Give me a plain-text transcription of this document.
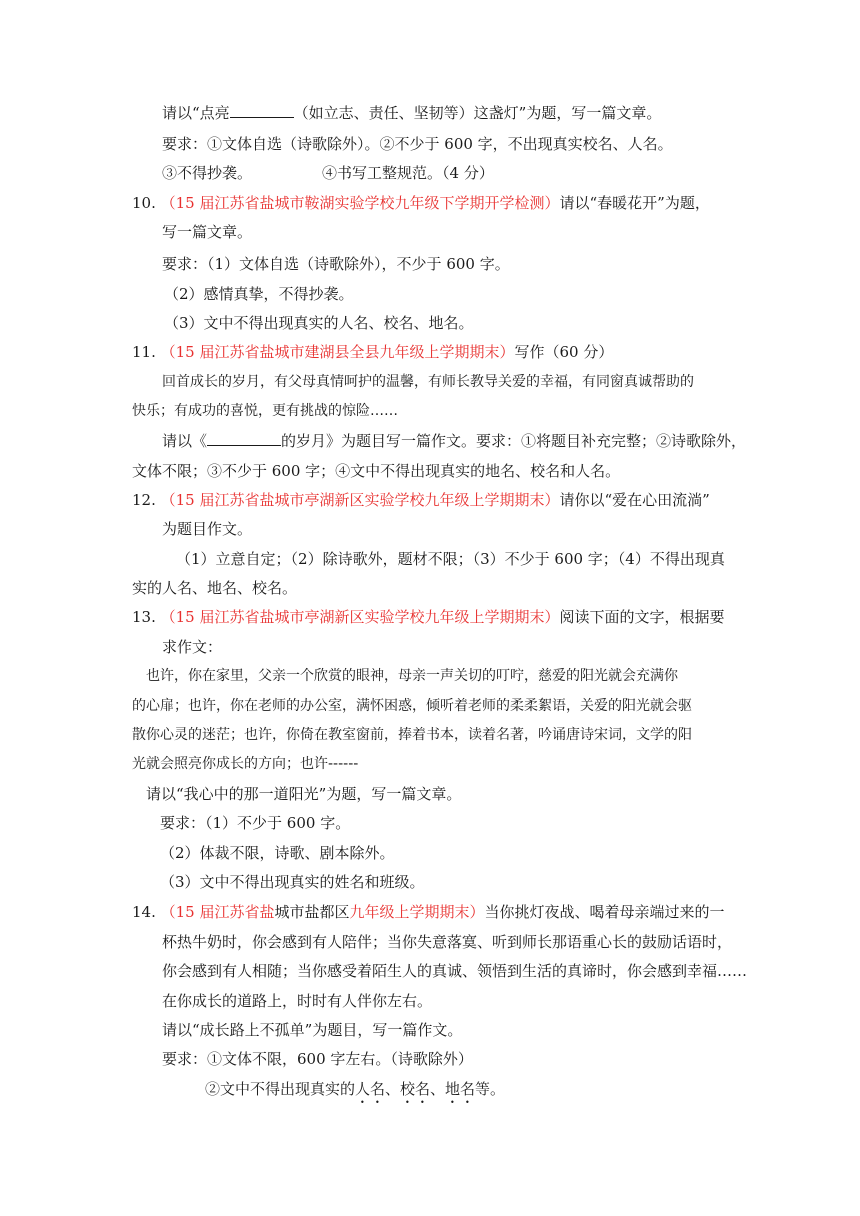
请以“点亮	（如立志、责任、坚韧等）这盏灯”为题，写一篇文章。
要求：①文体自选（诗歌除外）。②不少于 600 字，不出现真实校名、人名。
③不得抄袭。	④书写工整规范。（4 分）
10. （15 届江苏省盐城市鞍湖实验学校九年级下学期开学检测）请以“春暖花开”为题，
写一篇文章。
要求：（1）文体自选（诗歌除外），不少于 600 字。
（2）感情真挚，不得抄袭。
（3）文中不得出现真实的人名、校名、地名。
11. （15 届江苏省盐城市建湖县全县九年级上学期期末）写作（60 分）
回首成长的岁月，有父母真情呵护的温馨，有师长教导关爱的幸福，有同窗真诚帮助的
快乐；有成功的喜悦，更有挑战的惊险……
请以《	的岁月》为题目写一篇作文。要求：①将题目补充完整；②诗歌除外，
文体不限；③不少于 600 字；④文中不得出现真实的地名、校名和人名。
12. （15 届江苏省盐城市亭湖新区实验学校九年级上学期期末）请你以“爱在心田流淌”
为题目作文。
（1）立意自定；（2）除诗歌外，题材不限；（3）不少于 600 字；（4）不得出现真
实的人名、地名、校名。
13. （15 届江苏省盐城市亭湖新区实验学校九年级上学期期末）阅读下面的文字，根据要
求作文：
也许，你在家里，父亲一个欣赏的眼神，母亲一声关切的叮咛，慈爱的阳光就会充满你
的心扉；也许，你在老师的办公室，满怀困惑，倾听着老师的柔柔絮语，关爱的阳光就会驱
散你心灵的迷茫；也许，你倚在教室窗前，捧着书本，读着名著，吟诵唐诗宋词，文学的阳
光就会照亮你成长的方向；也许------
请以“我心中的那一道阳光”为题，写一篇文章。
要求：（1）不少于 600 字。
（2）体裁不限，诗歌、剧本除外。
（3）文中不得出现真实的姓名和班级。
14. （15 届江苏省盐城市盐都区九年级上学期期末）当你挑灯夜战、喝着母亲端过来的一
杯热牛奶时，你会感到有人陪伴；当你失意落寞、听到师长那语重心长的鼓励话语时，
你会感到有人相随；当你感受着陌生人的真诚、领悟到生活的真谛时，你会感到幸福……
在你成长的道路上，时时有人伴你左右。
请以“成长路上不孤单”为题目，写一篇作文。
要求：①文体不限，600 字左右。（诗歌除外）
②文中不得出现真实的人名、校名、地名等。
